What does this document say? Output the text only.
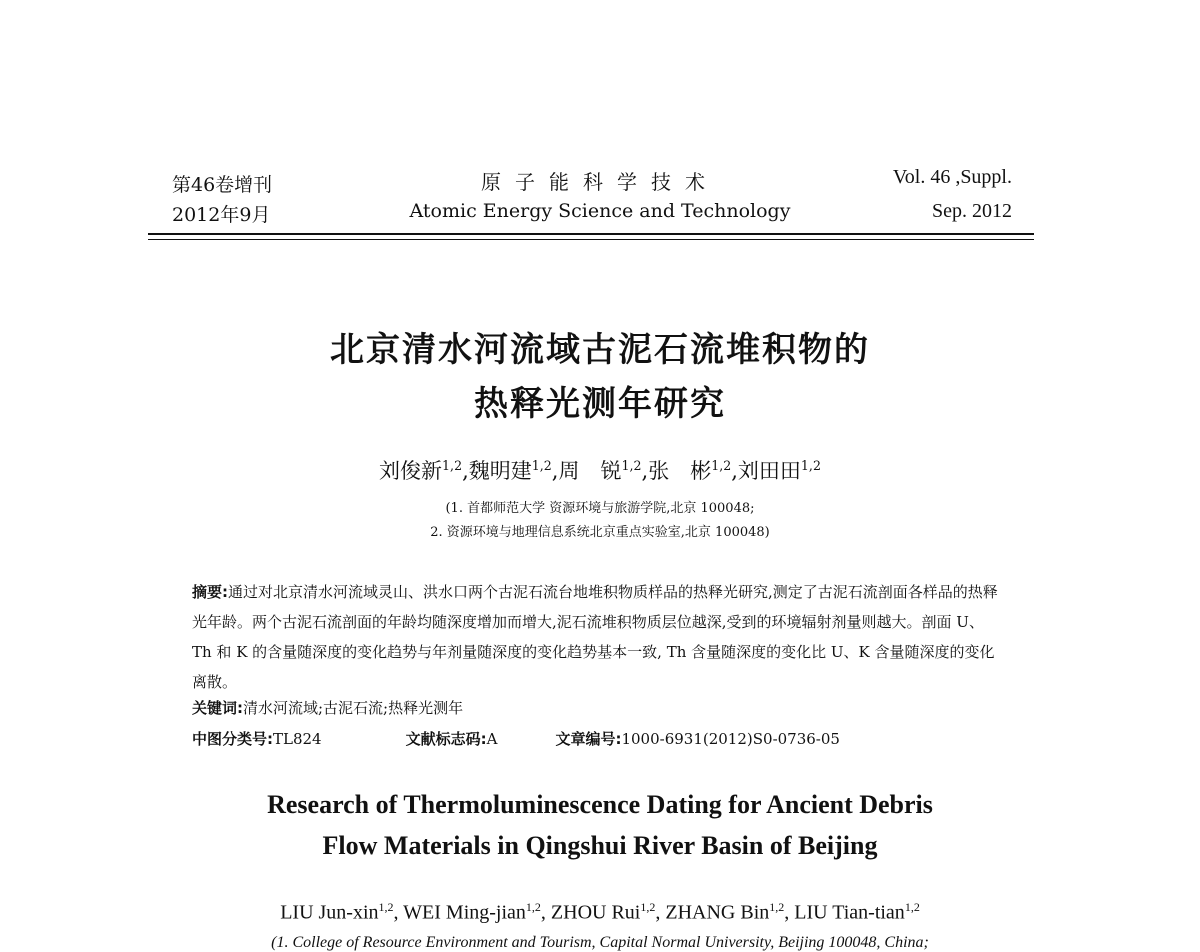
第46卷增刊
2012年9月
原子能科学技术
Atomic Energy Science and Technology
Vol. 46 ,Suppl.
Sep. 2012
北京清水河流域古泥石流堆积物的
热释光测年研究
刘俊新$^{1,2}$,魏明建$^{1,2}$,周　锐$^{1,2}$,张　彬$^{1,2}$,刘田田$^{1,2}$
(1. 首都师范大学 资源环境与旅游学院,北京 100048;
2. 资源环境与地理信息系统北京重点实验室,北京 100048)
摘要:通过对北京清水河流域灵山、洪水口两个古泥石流台地堆积物质样品的热释光研究,测定了古泥石流剖面各样品的热释光年龄。两个古泥石流剖面的年龄均随深度增加而增大,泥石流堆积物质层位越深,受到的环境辐射剂量则越大。剖面 U、Th 和 K 的含量随深度的变化趋势与年剂量随深度的变化趋势基本一致, Th 含量随深度的变化比 U、K 含量随深度的变化离散。
关键词:清水河流域;古泥石流;热释光测年
中图分类号:TL824	文献标志码:A	文章编号:1000-6931(2012)S0-0736-05
Research of Thermoluminescence Dating for Ancient Debris
Flow Materials in Qingshui River Basin of Beijing
LIU Jun-xin$^{1,2}$, WEI Ming-jian$^{1,2}$, ZHOU Rui$^{1,2}$, ZHANG Bin$^{1,2}$, LIU Tian-tian$^{1,2}$
(1. College of Resource Environment and Tourism, Capital Normal University, Beijing 100048, China;
